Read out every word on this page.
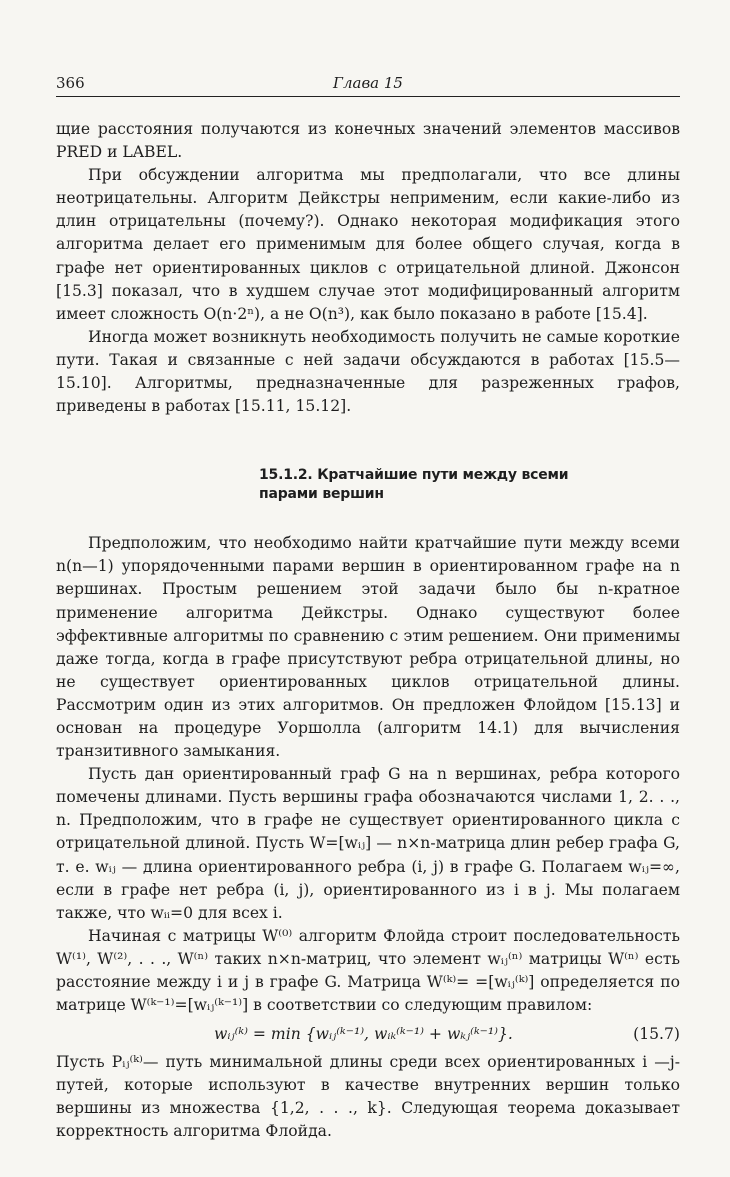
366	Глава 15

щие расстояния получаются из конечных значений элементов массивов PRED и LABEL.

При обсуждении алгоритма мы предполагали, что все длины неотрицательны. Алгоритм Дейкстры неприменим, если какие-либо из длин отрицательны (почему?). Однако некоторая модификация этого алгоритма делает его применимым для более общего случая, когда в графе нет ориентированных циклов с отрицательной длиной. Джонсон [15.3] показал, что в худшем случае этот модифицированный алгоритм имеет сложность O(n·2ⁿ), а не O(n³), как было показано в работе [15.4].

Иногда может возникнуть необходимость получить не самые короткие пути. Такая и связанные с ней задачи обсуждаются в работах [15.5—15.10]. Алгоритмы, предназначенные для разреженных графов, приведены в работах [15.11, 15.12].

15.1.2. Кратчайшие пути между всеми
парами вершин

Предположим, что необходимо найти кратчайшие пути между всеми n(n—1) упорядоченными парами вершин в ориентированном графе на n вершинах. Простым решением этой задачи было бы n-кратное применение алгоритма Дейкстры. Однако существуют более эффективные алгоритмы по сравнению с этим решением. Они применимы даже тогда, когда в графе присутствуют ребра отрицательной длины, но не существует ориентированных циклов отрицательной длины. Рассмотрим один из этих алгоритмов. Он предложен Флойдом [15.13] и основан на процедуре Уоршолла (алгоритм 14.1) для вычисления транзитивного замыкания.

Пусть дан ориентированный граф G на n вершинах, ребра которого помечены длинами. Пусть вершины графа обозначаются числами 1, 2. . ., n. Предположим, что в графе не существует ориентированного цикла с отрицательной длиной. Пусть W=[wᵢⱼ] — n×n-матрица длин ребер графа G, т. е. wᵢⱼ — длина ориентированного ребра (i, j) в графе G. Полагаем wᵢⱼ=∞, если в графе нет ребра (i, j), ориентированного из i в j. Мы полагаем также, что wᵢᵢ=0 для всех i.

Начиная с матрицы W⁽⁰⁾ алгоритм Флойда строит последовательность W⁽¹⁾, W⁽²⁾, . . ., W⁽ⁿ⁾ таких n×n-матриц, что элемент wᵢⱼ⁽ⁿ⁾ матрицы W⁽ⁿ⁾ есть расстояние между i и j в графе G. Матрица W⁽ᵏ⁾= =[wᵢⱼ⁽ᵏ⁾] определяется по матрице W⁽ᵏ⁻¹⁾=[wᵢⱼ⁽ᵏ⁻¹⁾] в соответствии со следующим правилом:

wᵢⱼ⁽ᵏ⁾ = min {wᵢⱼ⁽ᵏ⁻¹⁾, wᵢₖ⁽ᵏ⁻¹⁾ + wₖⱼ⁽ᵏ⁻¹⁾}.	(15.7)

Пусть Pᵢⱼ⁽ᵏ⁾— путь минимальной длины среди всех ориентированных i —j-путей, которые используют в качестве внутренних вершин только вершины из множества {1,2, . . ., k}. Следующая теорема доказывает корректность алгоритма Флойда.
